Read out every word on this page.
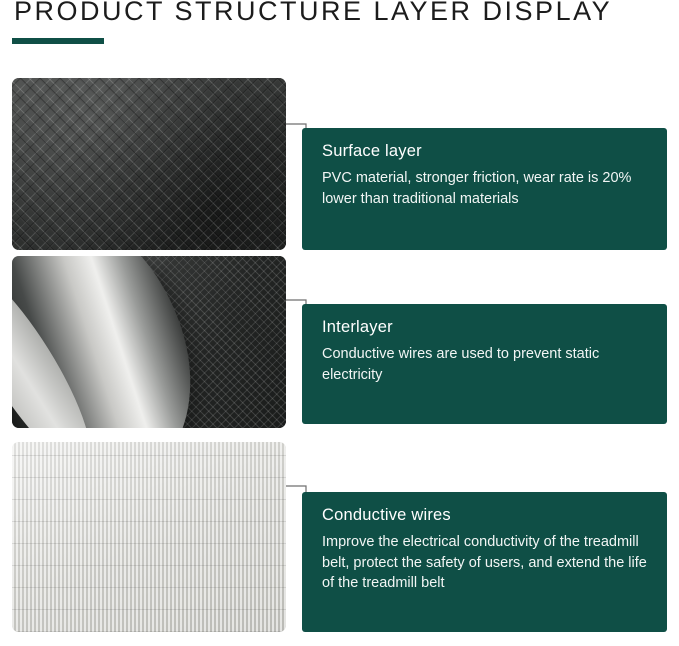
PRODUCT STRUCTURE LAYER DISPLAY

Surface layer

PVC material, stronger friction, wear rate is 20% lower than traditional materials

Interlayer

Conductive wires are used to prevent static electricity

Conductive wires

Improve the electrical conductivity of the treadmill belt, protect the safety of users, and extend the life of the treadmill belt
